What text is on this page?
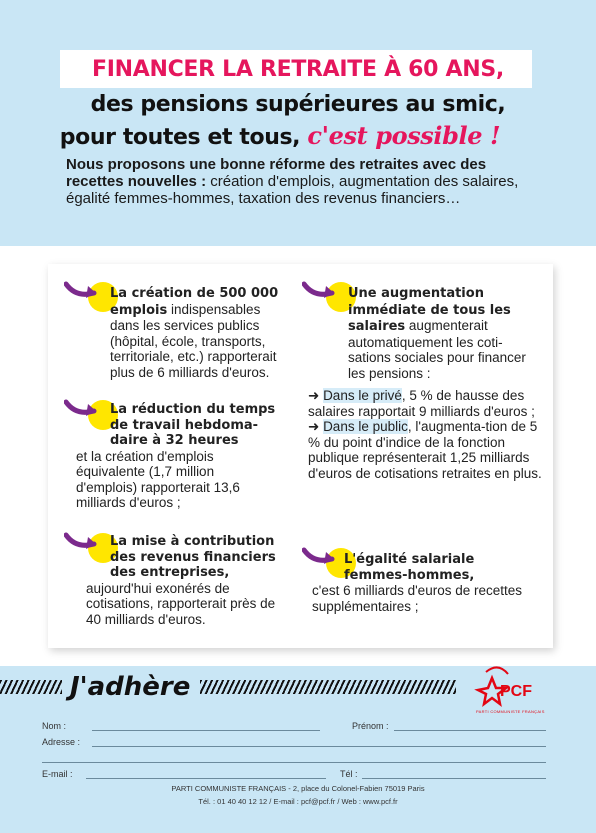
FINANCER LA RETRAITE À 60 ANS,
des pensions supérieures au smic,
pour toutes et tous, c'est possible !

Nous proposons une bonne réforme des retraites avec des recettes nouvelles : création d'emplois, augmentation des salaires, égalité femmes-hommes, taxation des revenus financiers…

La création de 500 000 emplois indispensables dans les services publics (hôpital, école, transports, territoriale, etc.) rapporterait plus de 6 milliards d'euros.
La réduction du temps de travail hebdoma-daire à 32 heures
et la création d'emplois équivalente (1,7 million d'emplois) rapporterait 13,6 milliards d'euros ;
La mise à contribution des revenus financiers des entreprises,
aujourd'hui exonérés de cotisations, rapporterait près de 40 milliards d'euros.
Une augmentation immédiate de tous les salaires augmenterait automatiquement les coti-sations sociales pour financer les pensions :
➜ Dans le privé, 5 % de hausse des salaires rapportait 9 milliards d'euros ;
➜ Dans le public, l'augmenta-tion de 5 % du point d'indice de la fonction publique représenterait 1,25 milliards d'euros de cotisations retraites en plus.
L'égalité salariale femmes-hommes,
c'est 6 milliards d'euros de recettes supplémentaires ;
J'adhère	PCF
PARTI COMMUNISTE FRANÇAIS
Nom :	Prénom :
Adresse :
E-mail :	Tél :
PARTI COMMUNISTE FRANÇAIS - 2, place du Colonel-Fabien 75019 Paris
Tél. : 01 40 40 12 12 / E-mail : pcf@pcf.fr / Web : www.pcf.fr
